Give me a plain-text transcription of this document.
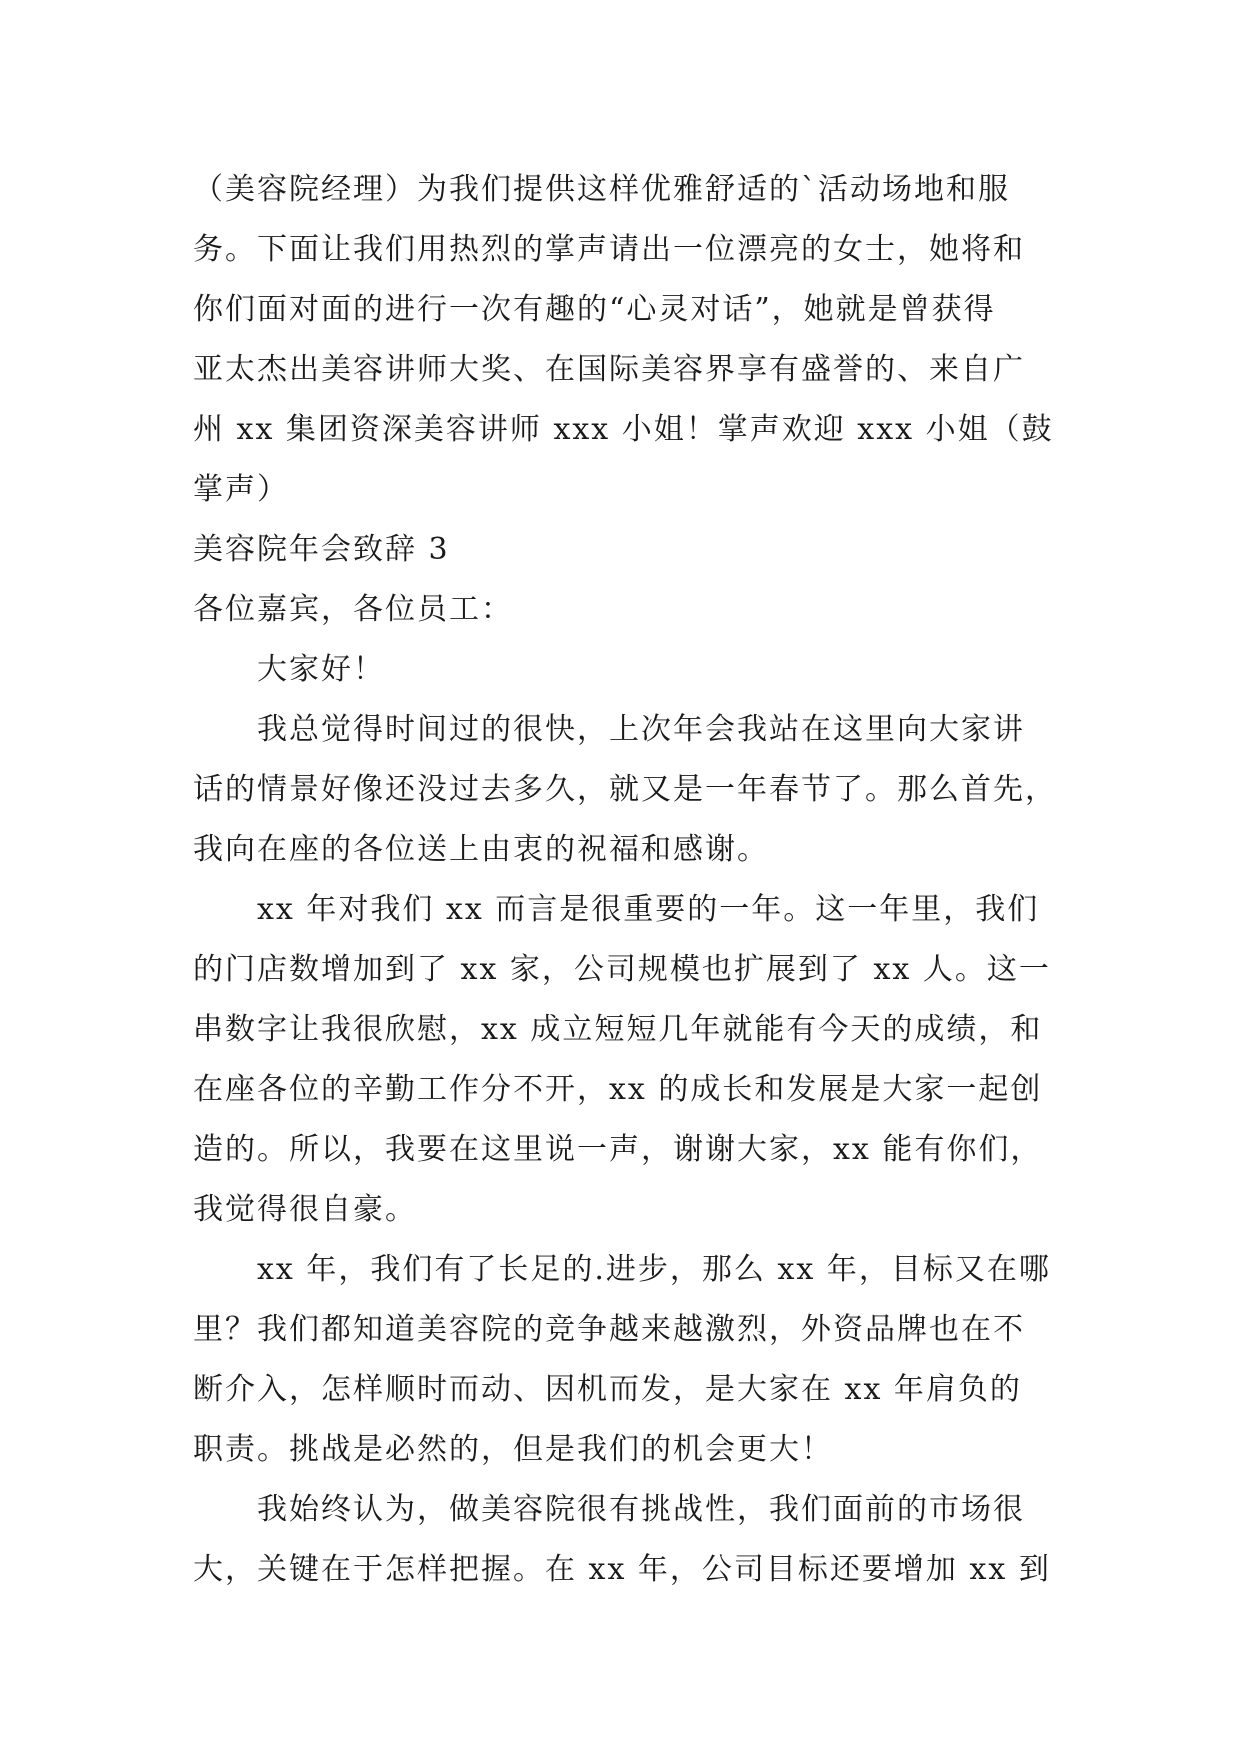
（美容院经理）为我们提供这样优雅舒适的`活动场地和服
务。下面让我们用热烈的掌声请出一位漂亮的女士，她将和
你们面对面的进行一次有趣的“心灵对话”，她就是曾获得
亚太杰出美容讲师大奖、在国际美容界享有盛誉的、来自广
州 xx 集团资深美容讲师 xxx 小姐！掌声欢迎 xxx 小姐（鼓
掌声）
美容院年会致辞 3
各位嘉宾，各位员工：
大家好！
我总觉得时间过的很快，上次年会我站在这里向大家讲
话的情景好像还没过去多久，就又是一年春节了。那么首先，
我向在座的各位送上由衷的祝福和感谢。
xx 年对我们 xx 而言是很重要的一年。这一年里，我们
的门店数增加到了 xx 家，公司规模也扩展到了 xx 人。这一
串数字让我很欣慰，xx 成立短短几年就能有今天的成绩，和
在座各位的辛勤工作分不开，xx 的成长和发展是大家一起创
造的。所以，我要在这里说一声，谢谢大家，xx 能有你们，
我觉得很自豪。
xx 年，我们有了长足的.进步，那么 xx 年，目标又在哪
里？我们都知道美容院的竞争越来越激烈，外资品牌也在不
断介入，怎样顺时而动、因机而发，是大家在 xx 年肩负的
职责。挑战是必然的，但是我们的机会更大！
我始终认为，做美容院很有挑战性，我们面前的市场很
大，关键在于怎样把握。在 xx 年，公司目标还要增加 xx 到
